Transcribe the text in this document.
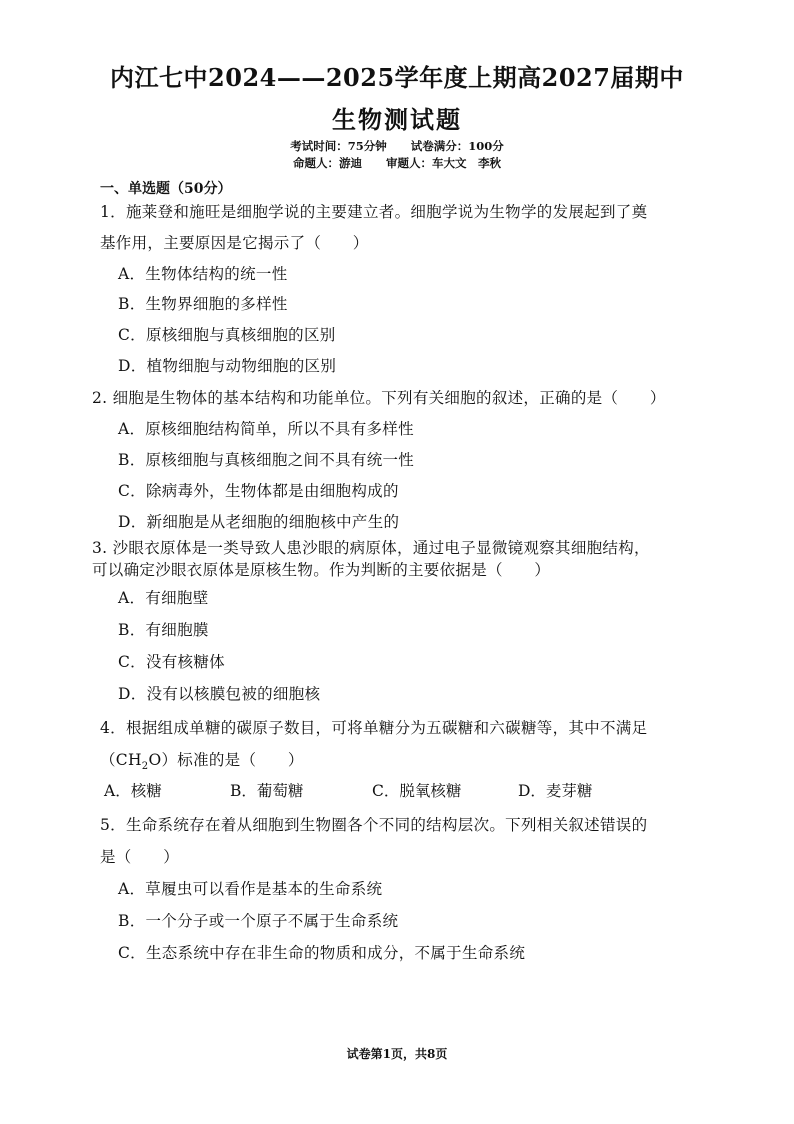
内江七中2024——2025学年度上期高2027届期中
生物测试题
考试时间：75分钟 试卷满分：100分
命题人：游迪 审题人：车大文　李秋
一、单选题（50分）
1．施莱登和施旺是细胞学说的主要建立者。细胞学说为生物学的发展起到了奠
基作用，主要原因是它揭示了（　　）
A．生物体结构的统一性
B．生物界细胞的多样性
C．原核细胞与真核细胞的区别
D．植物细胞与动物细胞的区别
2. 细胞是生物体的基本结构和功能单位。下列有关细胞的叙述，正确的是（　　）
A．原核细胞结构简单，所以不具有多样性
B．原核细胞与真核细胞之间不具有统一性
C．除病毒外，生物体都是由细胞构成的
D．新细胞是从老细胞的细胞核中产生的
3. 沙眼衣原体是一类导致人患沙眼的病原体，通过电子显微镜观察其细胞结构，
可以确定沙眼衣原体是原核生物。作为判断的主要依据是（　　）
A．有细胞壁
B．有细胞膜
C．没有核糖体
D．没有以核膜包被的细胞核
4．根据组成单糖的碳原子数目，可将单糖分为五碳糖和六碳糖等，其中不满足
$(CH_2O)$标准的是（　　）
A．核糖	B．葡萄糖	C．脱氧核糖	D．麦芽糖
5．生命系统存在着从细胞到生物圈各个不同的结构层次。下列相关叙述错误的
是（　　）
A．草履虫可以看作是基本的生命系统
B．一个分子或一个原子不属于生命系统
C．生态系统中存在非生命的物质和成分，不属于生命系统
试卷第1页，共8页
